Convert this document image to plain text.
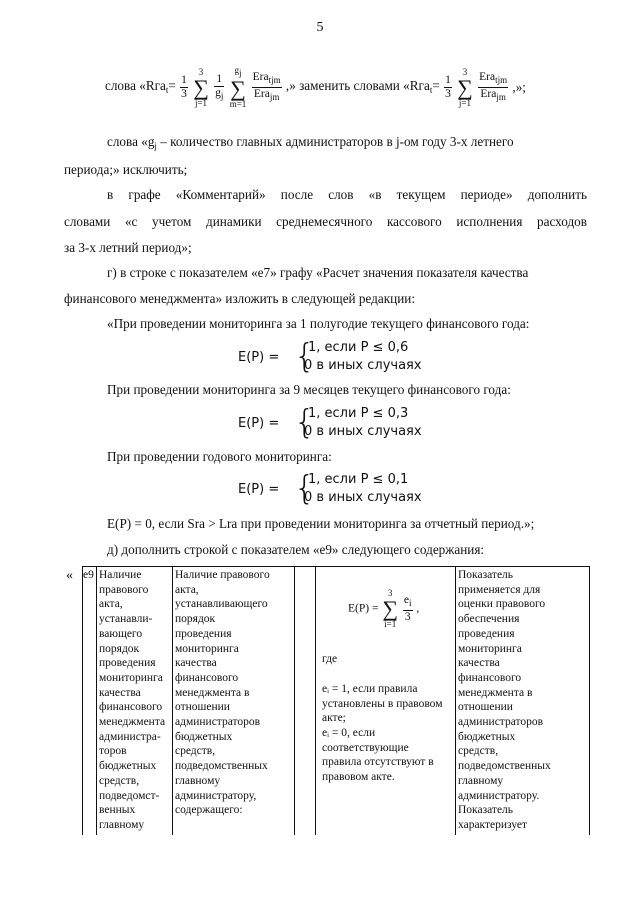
5
слова «$Rгa_t= \frac{1}{3}$

3
∑
j=1
$\frac{1}{g_j}$

gj
∑
m=1
$\frac{Erа_{tjm}}{Erа_{jm}}$ ,» заменить словами «$Rгa_t= \frac{1}{3}$

3
∑
j=1
$\frac{Erа_{tjm}}{Erа_{jm}}$ ,»;
слова «$g_j$ – количество главных администраторов в j-ом году 3-х летнего
периода;» исключить;
в графе «Комментарий» после слов «в текущем периоде» дополнить
словами «с учетом динамики среднемесячного кассового исполнения расходов
за 3-х летний период»;
г) в строке с показателем «e7» графу «Расчет значения показателя качества
финансового менеджмента» изложить в следующей редакции:
«При проведении мониторинга за 1 полугодие текущего финансового года:
E(P) = {
1, если P ≤ 0,6
0 в иных случаях
При проведении мониторинга за 9 месяцев текущего финансового года:
E(P) = {
1, если P ≤ 0,3
0 в иных случаях
При проведении годового мониторинга:
E(P) = {
1, если P ≤ 0,1
0 в иных случаях
E(P) = 0, если Sra > Lra при проведении мониторинга за отчетный период.»;
д) дополнить строкой с показателем «e9» следующего содержания:
« e9 Наличие
правового
акта,
устанавли-
вающего
порядок
проведения
мониторинга
качества
финансового
менеджмента
администра-
торов
бюджетных
средств,
подведомст-
венных
главному
Наличие правового
акта,
устанавливающего
порядок
проведения
мониторинга
качества
финансового
менеджмента в
отношении
администраторов
бюджетных
средств,
подведомственных
главному
администратору,
содержащего:

E(P) =
3
∑
i=1
$\frac{e_i}{3}$ ,

где

eᵢ = 1, если правила
установлены в правовом
акте;
eᵢ = 0, если
соответствующие
правила отсутствуют в
правовом акте.

Показатель
применяется для
оценки правового
обеспечения
проведения
мониторинга
качества
финансового
менеджмента в
отношении
администраторов
бюджетных
средств,
подведомственных
главному
администратору.
Показатель
характеризует
